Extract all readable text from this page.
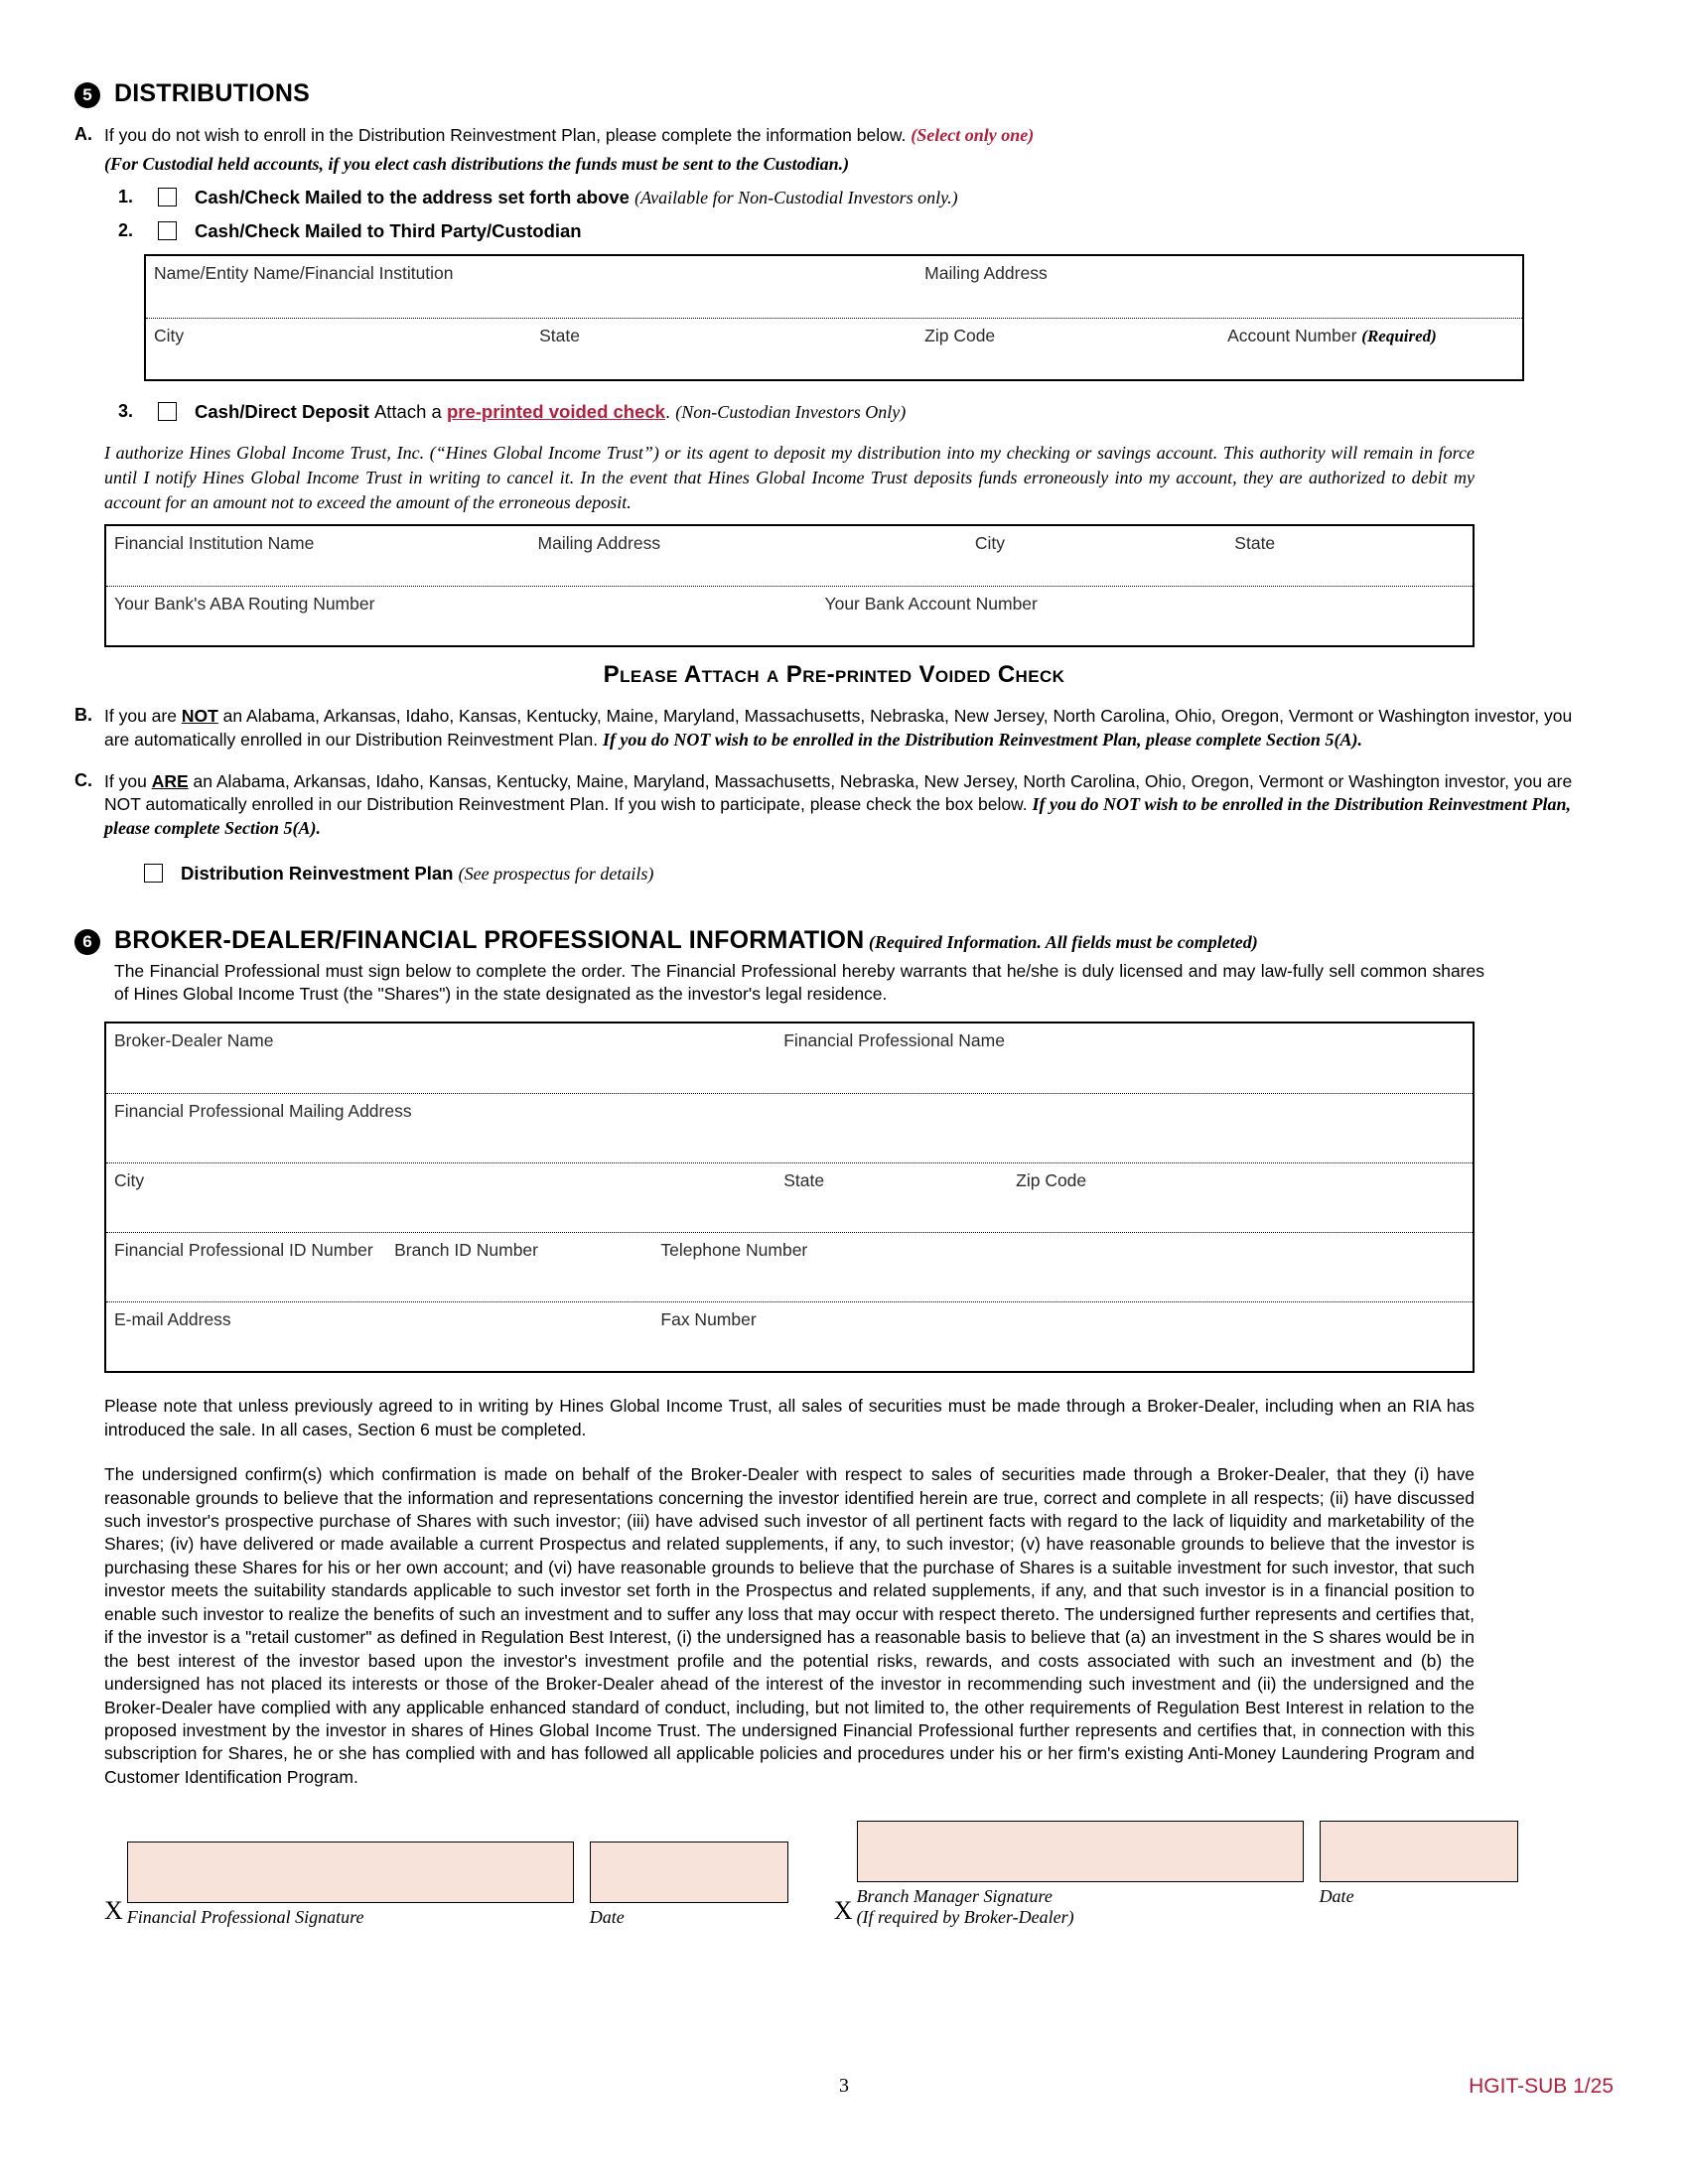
5 DISTRIBUTIONS
A. If you do not wish to enroll in the Distribution Reinvestment Plan, please complete the information below. (Select only one)
(For Custodial held accounts, if you elect cash distributions the funds must be sent to the Custodian.)
1.	Cash/Check Mailed to the address set forth above (Available for Non-Custodial Investors only.)
2.	Cash/Check Mailed to Third Party/Custodian
Name/Entity Name/Financial Institution	Mailing Address
City	State	Zip Code	Account Number (Required)
3.	Cash/Direct Deposit Attach a pre-printed voided check. (Non-Custodian Investors Only)
I authorize Hines Global Income Trust, Inc. (“Hines Global Income Trust”) or its agent to deposit my distribution into my checking or savings account. This authority will remain in force until I notify Hines Global Income Trust in writing to cancel it. In the event that Hines Global Income Trust deposits funds erroneously into my account, they are authorized to debit my account for an amount not to exceed the amount of the erroneous deposit.
Financial Institution Name	Mailing Address	City	State
Your Bank's ABA Routing Number	Your Bank Account Number
Please Attach a Pre-printed Voided Check
B. If you are NOT an Alabama, Arkansas, Idaho, Kansas, Kentucky, Maine, Maryland, Massachusetts, Nebraska, New Jersey, North Carolina, Ohio, Oregon, Vermont or Washington investor, you are automatically enrolled in our Distribution Reinvestment Plan. If you do NOT wish to be enrolled in the Distribution Reinvestment Plan, please complete Section 5(A).
C. If you ARE an Alabama, Arkansas, Idaho, Kansas, Kentucky, Maine, Maryland, Massachusetts, Nebraska, New Jersey, North Carolina, Ohio, Oregon, Vermont or Washington investor, you are NOT automatically enrolled in our Distribution Reinvestment Plan. If you wish to participate, please check the box below. If you do NOT wish to be enrolled in the Distribution Reinvestment Plan, please complete Section 5(A).
Distribution Reinvestment Plan (See prospectus for details)
6 BROKER-DEALER/FINANCIAL PROFESSIONAL INFORMATION (Required Information. All fields must be completed)
The Financial Professional must sign below to complete the order. The Financial Professional hereby warrants that he/she is duly licensed and may law-fully sell common shares of Hines Global Income Trust (the "Shares") in the state designated as the investor's legal residence.
Broker-Dealer Name	Financial Professional Name
Financial Professional Mailing Address
City	State	Zip Code
Financial Professional ID Number	Branch ID Number	Telephone Number
E-mail Address	Fax Number
Please note that unless previously agreed to in writing by Hines Global Income Trust, all sales of securities must be made through a Broker-Dealer, including when an RIA has introduced the sale. In all cases, Section 6 must be completed.
The undersigned confirm(s) which confirmation is made on behalf of the Broker-Dealer with respect to sales of securities made through a Broker-Dealer, that they (i) have reasonable grounds to believe that the information and representations concerning the investor identified herein are true, correct and complete in all respects; (ii) have discussed such investor's prospective purchase of Shares with such investor; (iii) have advised such investor of all pertinent facts with regard to the lack of liquidity and marketability of the Shares; (iv) have delivered or made available a current Prospectus and related supplements, if any, to such investor; (v) have reasonable grounds to believe that the investor is purchasing these Shares for his or her own account; and (vi) have reasonable grounds to believe that the purchase of Shares is a suitable investment for such investor, that such investor meets the suitability standards applicable to such investor set forth in the Prospectus and related supplements, if any, and that such investor is in a financial position to enable such investor to realize the benefits of such an investment and to suffer any loss that may occur with respect thereto. The undersigned further represents and certifies that, if the investor is a "retail customer" as defined in Regulation Best Interest, (i) the undersigned has a reasonable basis to believe that (a) an investment in the S shares would be in the best interest of the investor based upon the investor's investment profile and the potential risks, rewards, and costs associated with such an investment and (b) the undersigned has not placed its interests or those of the Broker-Dealer ahead of the interest of the investor in recommending such investment and (ii) the undersigned and the Broker-Dealer have complied with any applicable enhanced standard of conduct, including, but not limited to, the other requirements of Regulation Best Interest in relation to the proposed investment by the investor in shares of Hines Global Income Trust. The undersigned Financial Professional further represents and certifies that, in connection with this subscription for Shares, he or she has complied with and has followed all applicable policies and procedures under his or her firm's existing Anti-Money Laundering Program and Customer Identification Program.
X Financial Professional Signature	Date	X Branch Manager Signature
(If required by Broker-Dealer)
Date
3	HGIT-SUB 1/25
